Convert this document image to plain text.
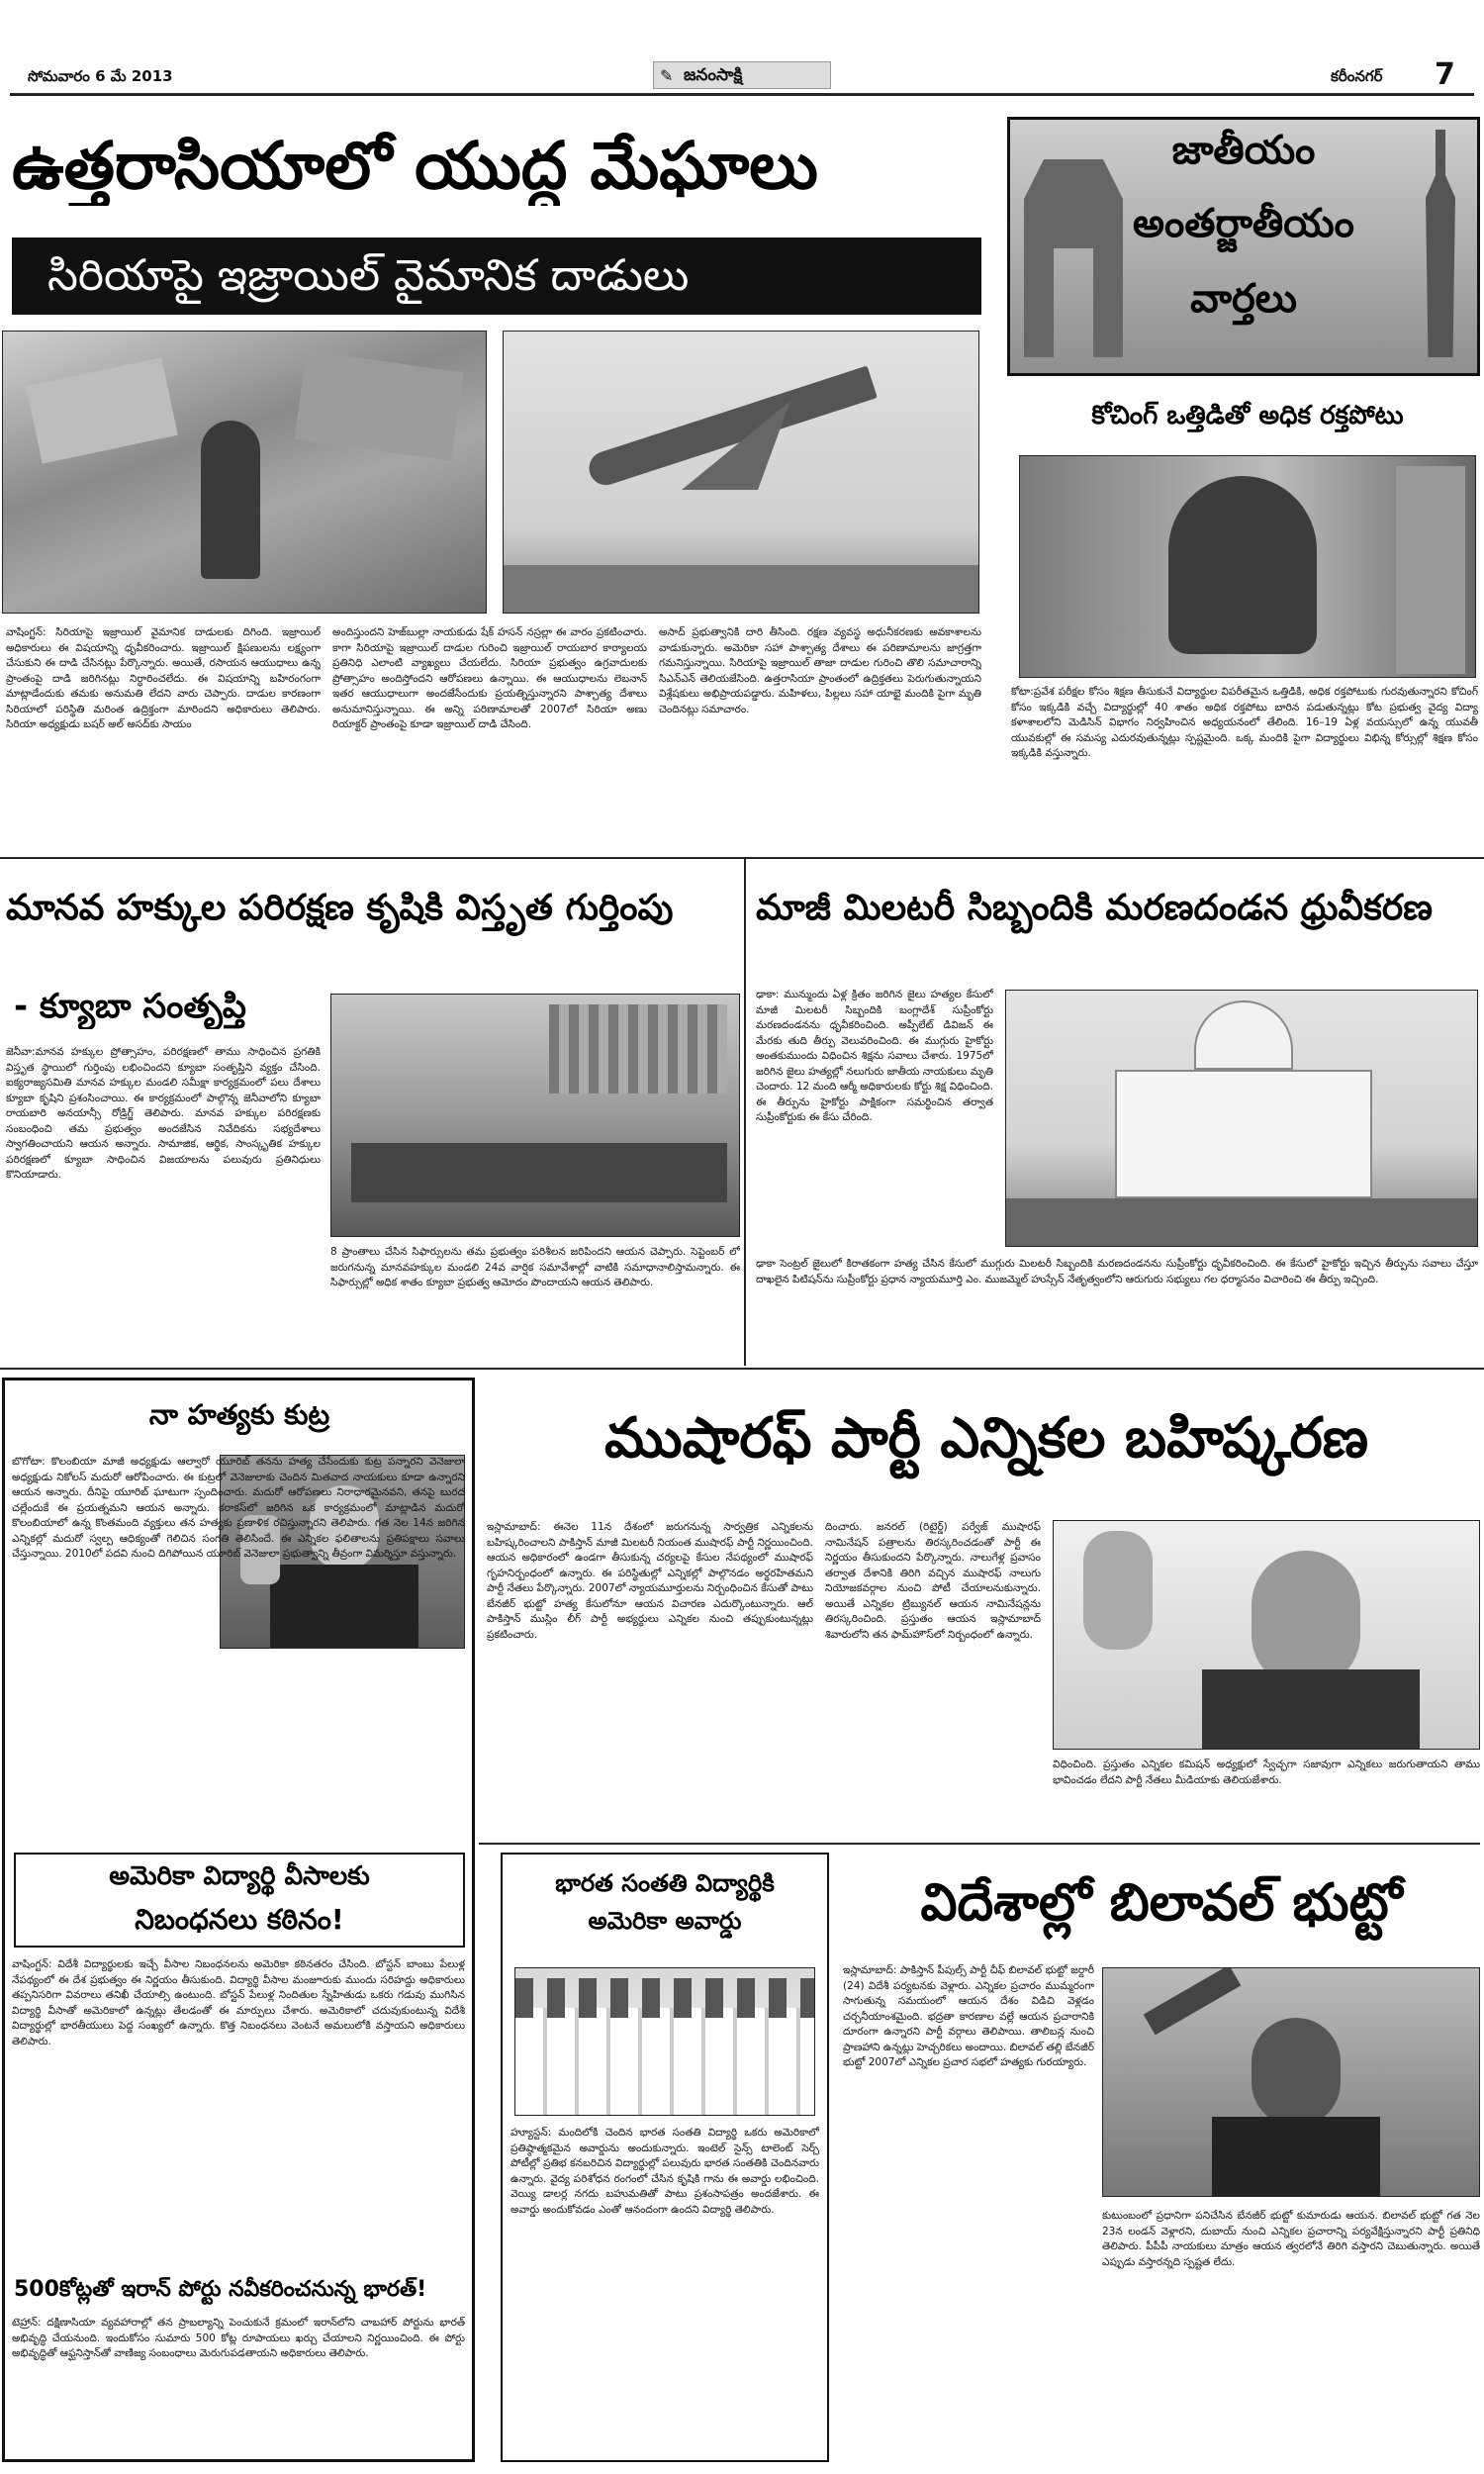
సోమవారం 6 మే 2013	✎ జనంసాక్షి	కరీంనగర్ 7
ఉత్తరాసియాలో యుద్ధ మేఘాలు
సిరియాపై ఇజ్రాయిల్ వైమానిక దాడులు
వాషింగ్టన్: సిరియాపై ఇజ్రాయిల్ వైమానిక దాడులకు దిగింది. ఇజ్రాయిల్ అధికారులు ఈ విషయాన్ని ధృవీకరించారు. ఇజ్రాయిల్ క్షిపణులను లక్ష్యంగా చేసుకుని ఈ దాడి చేసినట్లు పేర్కొన్నారు. అయితే, రసాయన ఆయుధాలు ఉన్న ప్రాంతంపై దాడి జరిగినట్లు నిర్ధారించలేదు. ఈ విషయాన్ని బహిరంగంగా మాట్లాడేందుకు తమకు అనుమతి లేదని వారు చెప్పారు. దాడుల కారణంగా సిరియాలో పరిస్థితి మరింత ఉద్రిక్తంగా మారిందని అధికారులు తెలిపారు. సిరియా అధ్యక్షుడు బషర్ అల్ అసద్‌కు సాయం
అందిస్తుందని హెజ్‌బుల్లా నాయకుడు షేక్ హసన్ నస్రల్లా ఈ వారం ప్రకటించారు. కాగా సిరియాపై ఇజ్రాయిల్ దాడుల గురించి ఇజ్రాయిల్ రాయబార కార్యాలయ ప్రతినిధి ఎలాంటి వ్యాఖ్యలు చేయలేదు. సిరియా ప్రభుత్వం ఉగ్రవాదులకు ప్రోత్సాహం అందిస్తోందని ఆరోపణలు ఉన్నాయి. ఈ ఆయుధాలను లెబనాన్ ఇతర ఆయుధాలుగా అందజేసేందుకు ప్రయత్నిస్తున్నారని పాశ్చాత్య దేశాలు అనుమానిస్తున్నాయి. ఈ అన్ని పరిణామాలతో 2007లో సిరియా అణు రియాక్టర్ ప్రాంతంపై కూడా ఇజ్రాయిల్ దాడి చేసింది.
అసాద్ ప్రభుత్వానికి దారి తీసింది. రక్షణ వ్యవస్థ అధునీకరణకు అవకాశాలను వాడుకున్నారు. అమెరికా సహా పాశ్చాత్య దేశాలు ఈ పరిణామాలను జాగ్రత్తగా గమనిస్తున్నాయి. సిరియాపై ఇజ్రాయిల్ తాజా దాడుల గురించి తొలి సమాచారాన్ని సిఎన్ఎన్ తెలియజేసింది. ఉత్తరాసియా ప్రాంతంలో ఉద్రిక్తతలు పెరుగుతున్నాయని విశ్లేషకులు అభిప్రాయపడ్డారు. మహిళలు, పిల్లలు సహా యాభై మందికి పైగా మృతి చెందినట్లు సమాచారం.
జాతీయం
అంతర్జాతీయం
వార్తలు
కోచింగ్ ఒత్తిడితో అధిక రక్తపోటు
కోటా:ప్రవేశ పరీక్షల కోసం శిక్షణ తీసుకునే విద్యార్థుల విపరీతమైన ఒత్తిడికి, అధిక రక్తపోటుకు గురవుతున్నారని కోచింగ్ కోసం ఇక్కడికి వచ్చే విద్యార్థుల్లో 40 శాతం అధిక రక్తపోటు బారిన పడుతున్నట్లు కోట ప్రభుత్వ వైద్య విద్యా కళాశాలలోని మెడిసిన్ విభాగం నిర్వహించిన అధ్యయనంలో తేలింది. 16–19 ఏళ్ల వయస్సులో ఉన్న యువతీ యువకుల్లో ఈ సమస్య ఎదురవుతున్నట్లు స్పష్టమైంది. ఒక్క మందికి పైగా విద్యార్థులు విభిన్న కోర్సుల్లో శిక్షణ కోసం ఇక్కడికి వస్తున్నారు.
మానవ హక్కుల పరిరక్షణ కృషికి విస్తృత గుర్తింపు
- క్యూబా సంతృప్తి
జెనీవా:మానవ హక్కుల ప్రోత్సాహం, పరిరక్షణలో తాము సాధించిన ప్రగతికి విస్తృత స్థాయిలో గుర్తింపు లభించిందని క్యూబా సంతృప్తిని వ్యక్తం చేసింది. ఐక్యరాజ్యసమితి మానవ హక్కుల మండలి సమీక్షా కార్యక్రమంలో పలు దేశాలు క్యూబా కృషిని ప్రశంసించాయి. ఈ కార్యక్రమంలో పాల్గొన్న జెనీవాలోని క్యూబా రాయబారి అనయాన్సీ రోడ్రిగ్జ్ తెలిపారు. మానవ హక్కుల పరిరక్షణకు సంబంధించి తమ ప్రభుత్వం అందజేసిన నివేదికను సభ్యదేశాలు స్వాగతించాయని ఆయన అన్నారు. సామాజిక, ఆర్థిక, సాంస్కృతిక హక్కుల పరిరక్షణలో క్యూబా సాధించిన విజయాలను పలువురు ప్రతినిధులు కొనియాడారు.
8 ప్రాంతాలు చేసిన సిఫార్సులను తమ ప్రభుత్వం పరిశీలన జరిపిందని ఆయన చెప్పారు. సెప్టెంబర్ లో జరుగనున్న మానవహక్కుల మండలి 24వ వార్షిక సమావేశాల్లో వాటికి సమాధానాలిస్తామన్నారు. ఈ సిఫార్సుల్లో అధిక శాతం క్యూబా ప్రభుత్వ ఆమోదం పొందాయని ఆయన తెలిపారు.
మాజీ మిలటరీ సిబ్బందికి మరణదండన ధ్రువీకరణ
ఢాకా: మున్ముందు ఏళ్ల క్రితం జరిగిన జైలు హత్యల కేసులో మాజీ మిలటరీ సిబ్బందికి బంగ్లాదేశ్ సుప్రీంకోర్టు మరణదండనను ధృవీకరించింది. అప్పీలేట్ డివిజన్ ఈ మేరకు తుది తీర్పు వెలువరించింది. ఈ ముగ్గురు హైకోర్టు అంతకుముందు విధించిన శిక్షను సవాలు చేశారు. 1975లో జరిగిన జైలు హత్యల్లో నలుగురు జాతీయ నాయకులు మృతి చెందారు. 12 మంది ఆర్మీ అధికారులకు కోర్టు శిక్ష విధించింది. ఈ తీర్పును హైకోర్టు పాక్షికంగా సమర్థించిన తర్వాత సుప్రీంకోర్టుకు ఈ కేసు చేరింది.
ఢాకా సెంట్రల్ జైలులో కిరాతకంగా హత్య చేసిన కేసులో ముగ్గురు మిలటరీ సిబ్బందికి మరణదండనను సుప్రీంకోర్టు ధృవీకరించింది. ఈ కేసులో హైకోర్టు ఇచ్చిన తీర్పును సవాలు చేస్తూ దాఖలైన పిటిషన్‌ను సుప్రీంకోర్టు ప్రధాన న్యాయమూర్తి ఎం. ముజమ్మెల్ హుస్సేన్ నేతృత్వంలోని ఆరుగురు సభ్యులు గల ధర్మాసనం విచారించి ఈ తీర్పు ఇచ్చింది.
నా హత్యకు కుట్ర
బొగోటా: కొలంబియా మాజీ అధ్యక్షుడు ఆల్వారో యూరిబ్ తనను హత్య చేసేందుకు కుట్ర పన్నారని వెనెజులా అధ్యక్షుడు నికోలస్ మదురో ఆరోపించారు. ఈ కుట్రలో వెనెజులాకు చెందిన మితవాద నాయకులు కూడా ఉన్నారని ఆయన అన్నారు. దీనిపై యూరిబ్ ఘాటుగా స్పందించారు. మదురో ఆరోపణలు నిరాధారమైనవని, తనపై బురద చల్లేందుకే ఈ ప్రయత్నమని ఆయన అన్నారు. కరాకస్‌లో జరిగిన ఒక కార్యక్రమంలో మాట్లాడిన మదురో కొలంబియాలో ఉన్న కొంతమంది వ్యక్తులు తన హత్యకు ప్రణాళిక రచిస్తున్నారని తెలిపారు. గత నెల 14న జరిగిన ఎన్నికల్లో మదురో స్వల్ప ఆధిక్యంతో గెలిచిన సంగతి తెలిసిందే. ఈ ఎన్నికల ఫలితాలను ప్రతిపక్షాలు సవాలు చేస్తున్నాయి. 2010లో పదవి నుంచి దిగిపోయిన యూరిబ్ వెనెజులా ప్రభుత్వాన్ని తీవ్రంగా విమర్శిస్తూ వస్తున్నారు.
అమెరికా విద్యార్థి వీసాలకు
నిబంధనలు కఠినం!
వాషింగ్టన్: విదేశీ విద్యార్థులకు ఇచ్చే వీసాల నిబంధనలను అమెరికా కఠినతరం చేసింది. బోస్టన్ బాంబు పేలుళ్ల నేపథ్యంలో ఈ దేశ ప్రభుత్వం ఈ నిర్ణయం తీసుకుంది. విద్యార్థి వీసాల మంజూరుకు ముందు సరిహద్దు అధికారులు తప్పనిసరిగా వివరాలు తనిఖీ చేయాల్సి ఉంటుంది. బోస్టన్ పేలుళ్ల నిందితుల స్నేహితుడు ఒకరు గడువు ముగిసిన విద్యార్థి వీసాతో అమెరికాలో ఉన్నట్లు తేలడంతో ఈ మార్పులు చేశారు. అమెరికాలో చదువుకుంటున్న విదేశీ విద్యార్థుల్లో భారతీయులు పెద్ద సంఖ్యలో ఉన్నారు. కొత్త నిబంధనలు వెంటనే అమలులోకి వస్తాయని అధికారులు తెలిపారు.
500కోట్లతో ఇరాన్ పోర్టు నవీకరించనున్న భారత్!
టెహ్రాన్: దక్షిణాసియా వ్యవహారాల్లో తన ప్రాబల్యాన్ని పెంచుకునే క్రమంలో ఇరాన్‌లోని చాబహార్ పోర్టును భారత్ అభివృద్ధి చేయనుంది. ఇందుకోసం సుమారు 500 కోట్ల రూపాయలు ఖర్చు చేయాలని నిర్ణయించింది. ఈ పోర్టు అభివృద్ధితో ఆఫ్ఘనిస్తాన్‌తో వాణిజ్య సంబంధాలు మెరుగుపడతాయని అధికారులు తెలిపారు.
ముషారఫ్ పార్టీ ఎన్నికల బహిష్కరణ
ఇస్లామాబాద్: ఈనెల 11న దేశంలో జరుగనున్న సార్వత్రిక ఎన్నికలను బహిష్కరించాలని పాకిస్తాన్ మాజీ మిలటరీ నియంత ముషారఫ్ పార్టీ నిర్ణయించింది. ఆయన అధికారంలో ఉండగా తీసుకున్న చర్యలపై కేసుల నేపథ్యంలో ముషారఫ్ గృహనిర్బంధంలో ఉన్నారు. ఈ పరిస్థితుల్లో ఎన్నికల్లో పాల్గొనడం అర్థరహితమని పార్టీ నేతలు పేర్కొన్నారు. 2007లో న్యాయమూర్తులను నిర్బంధించిన కేసుతో పాటు బేనజీర్ భుట్టో హత్య కేసులోనూ ఆయన విచారణ ఎదుర్కొంటున్నారు. ఆల్ పాకిస్తాన్ ముస్లిం లీగ్ పార్టీ అభ్యర్థులు ఎన్నికల నుంచి తప్పుకుంటున్నట్లు ప్రకటించారు.
దించారు. జనరల్ (రిటైర్డ్) పర్వేజ్ ముషారఫ్ నామినేషన్ పత్రాలను తిరస్కరించడంతో పార్టీ ఈ నిర్ణయం తీసుకుందని పేర్కొన్నారు. నాలుగేళ్ల ప్రవాసం తర్వాత దేశానికి తిరిగి వచ్చిన ముషారఫ్ నాలుగు నియోజకవర్గాల నుంచి పోటీ చేయాలనుకున్నారు. అయితే ఎన్నికల ట్రిబ్యునల్ ఆయన నామినేషన్లను తిరస్కరించింది. ప్రస్తుతం ఆయన ఇస్లామాబాద్ శివారులోని తన ఫామ్‌హౌస్‌లో నిర్బంధంలో ఉన్నారు.
విధించింది. ప్రస్తుతం ఎన్నికల కమిషన్ అధ్యక్షులో స్వేచ్ఛగా సజావుగా ఎన్నికలు జరుగుతాయని తాము భావించడం లేదని పార్టీ నేతలు మీడియాకు తెలియజేశారు.
భారత సంతతి విద్యార్థికి
అమెరికా అవార్డు
హ్యూస్టన్: మందిలోకి చెందిన భారత సంతతి విద్యార్థి ఒకరు అమెరికాలో ప్రతిష్ఠాత్మకమైన అవార్డును అందుకున్నారు. ఇంటెల్ సైన్స్ టాలెంట్ సెర్చ్ పోటీల్లో ప్రతిభ కనబరిచిన విద్యార్థుల్లో పలువురు భారత సంతతికి చెందినవారు ఉన్నారు. వైద్య పరిశోధన రంగంలో చేసిన కృషికి గాను ఈ అవార్డు లభించింది. వెయ్యి డాలర్ల నగదు బహుమతితో పాటు ప్రశంసాపత్రం అందజేశారు. ఈ అవార్డు అందుకోవడం ఎంతో ఆనందంగా ఉందని విద్యార్థి తెలిపారు.
విదేశాల్లో బిలావల్ భుట్టో
ఇస్లామాబాద్: పాకిస్తాన్ పీపుల్స్ పార్టీ చీఫ్ బిలావల్ భుట్టో జర్దారీ (24) విదేశీ పర్యటనకు వెళ్లారు. ఎన్నికల ప్రచారం ముమ్మరంగా సాగుతున్న సమయంలో ఆయన దేశం విడిచి వెళ్లడం చర్చనీయాంశమైంది. భద్రతా కారణాల వల్లే ఆయన ప్రచారానికి దూరంగా ఉన్నారని పార్టీ వర్గాలు తెలిపాయి. తాలిబన్ల నుంచి ప్రాణహాని ఉన్నట్లు హెచ్చరికలు అందాయి. బిలావల్ తల్లి బేనజీర్ భుట్టో 2007లో ఎన్నికల ప్రచార సభలో హత్యకు గురయ్యారు.
కుటుంబంలో ప్రధానిగా పనిచేసిన బేనజీర్ భుట్టో కుమారుడు ఆయన. బిలావల్ భుట్టో గత నెల 23న లండన్ వెళ్లారని, దుబాయ్ నుంచి ఎన్నికల ప్రచారాన్ని పర్యవేక్షిస్తున్నారని పార్టీ ప్రతినిధి తెలిపారు. పీపీపీ నాయకులు మాత్రం ఆయన త్వరలోనే తిరిగి వస్తారని చెబుతున్నారు. అయితే ఎప్పుడు వస్తారన్నది స్పష్టత లేదు.
